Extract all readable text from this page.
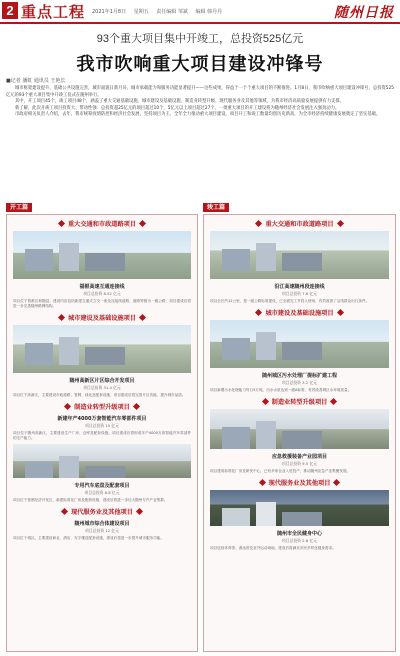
2 重点工程 2021年1月8日 星期五 责任编辑 邹斌 编辑 韩丹丹	随州日报
93个重大项目集中开竣工，总投资525亿元
我市吹响重大项目建设冲锋号
■记者 潘虹 通讯员 王艳长

城市框架建设提升，基础公共设施完善，城市面貌日新月异，城市承载能力和服务功能显著提升——这些成果，得益于一个个重大项目的不断推进。1月8日，我市吹响重大项目建设冲锋号，总投资525亿元的93个重大项目集中开竣工仪式在随州举行。

其中，开工项目45个，竣工项目48个，涵盖了重大交通基础设施、城市建设及基础设施、制造业转型升级、现代服务业及其他等领域，为我市经济高质量发展提供有力支撑。

新了解，此次开竣工项目投资大、带动性强：总投资超25亿元的项目超过10个，5亿元以上项目超过27个，一批重大项目的开工建设将为随州经济社会发展注入强劲动力。

市政府相关负责人介绍，去年，我市统筹疫情防控和经济社会发展，坚持项目为王，全年全力推动重大项目建设，项目开工和竣工数量均创历史新高，为全市经济持续健康发展奠定了坚实基础。

开工篇	竣工篇
重大交通和市政道路项目
福银高速互通连接线
项目总投资 8.52 亿元
项目位于曾都区和随县，建设内容包括新建互通式立交一座及连接线道路，道路等级为一级公路，项目建成后将进一步完善随州路网结构。
城市建设及基础设施项目
随州高新区片区综合开发项目
项目总投资 31.4 亿元
项目位于高新区，主要建设市政道路、管网、绿化及配套设施，项目建成后将完善片区功能，提升城市品质。
制造业转型升级项目
新建年产4000万套智能汽车零部件项目
项目总投资 10 亿元
项目位于随州高新区，主要建设生产厂房、仓库及配套设施，项目建成后将形成年产4000万套智能汽车零部件的生产能力。
专用汽车底盘及配套项目
项目总投资 6.8 亿元
项目位于曾都经济开发区，新建标准化厂房及配套设施，建成后将进一步壮大随州专汽产业集群。
现代服务业及其他项目
随州城市综合体建设项目
项目总投资 12 亿元
项目位于城区，主要建设商业、酒店、写字楼及配套设施，建成后将进一步提升城市服务功能。
重大交通和市政道路项目
沿江高速随州段连接线
项目总投资 7.6 亿元
项目全长约12公里，按一级公路标准建设，已全面完工并投入使用，有效改善了沿线群众出行条件。
城市建设及基础设施项目
随州城区污水处理厂提标扩建工程
项目总投资 3.2 亿元
项目新增污水处理能力每日5万吨，出水水质达到一级A标准，有效改善城区水环境质量。
制造业转型升级项目
应急救援装备产业园项目
项目总投资 9.5 亿元
项目建成标准化厂房及研发中心，已有多家企业入驻投产，推动随州应急产业集聚发展。
现代服务业及其他项目
随州市全民健身中心
项目总投资 2.8 亿元
项目包括体育馆、游泳馆及室外运动场地，建成后将满足市民多样化健身需求。
